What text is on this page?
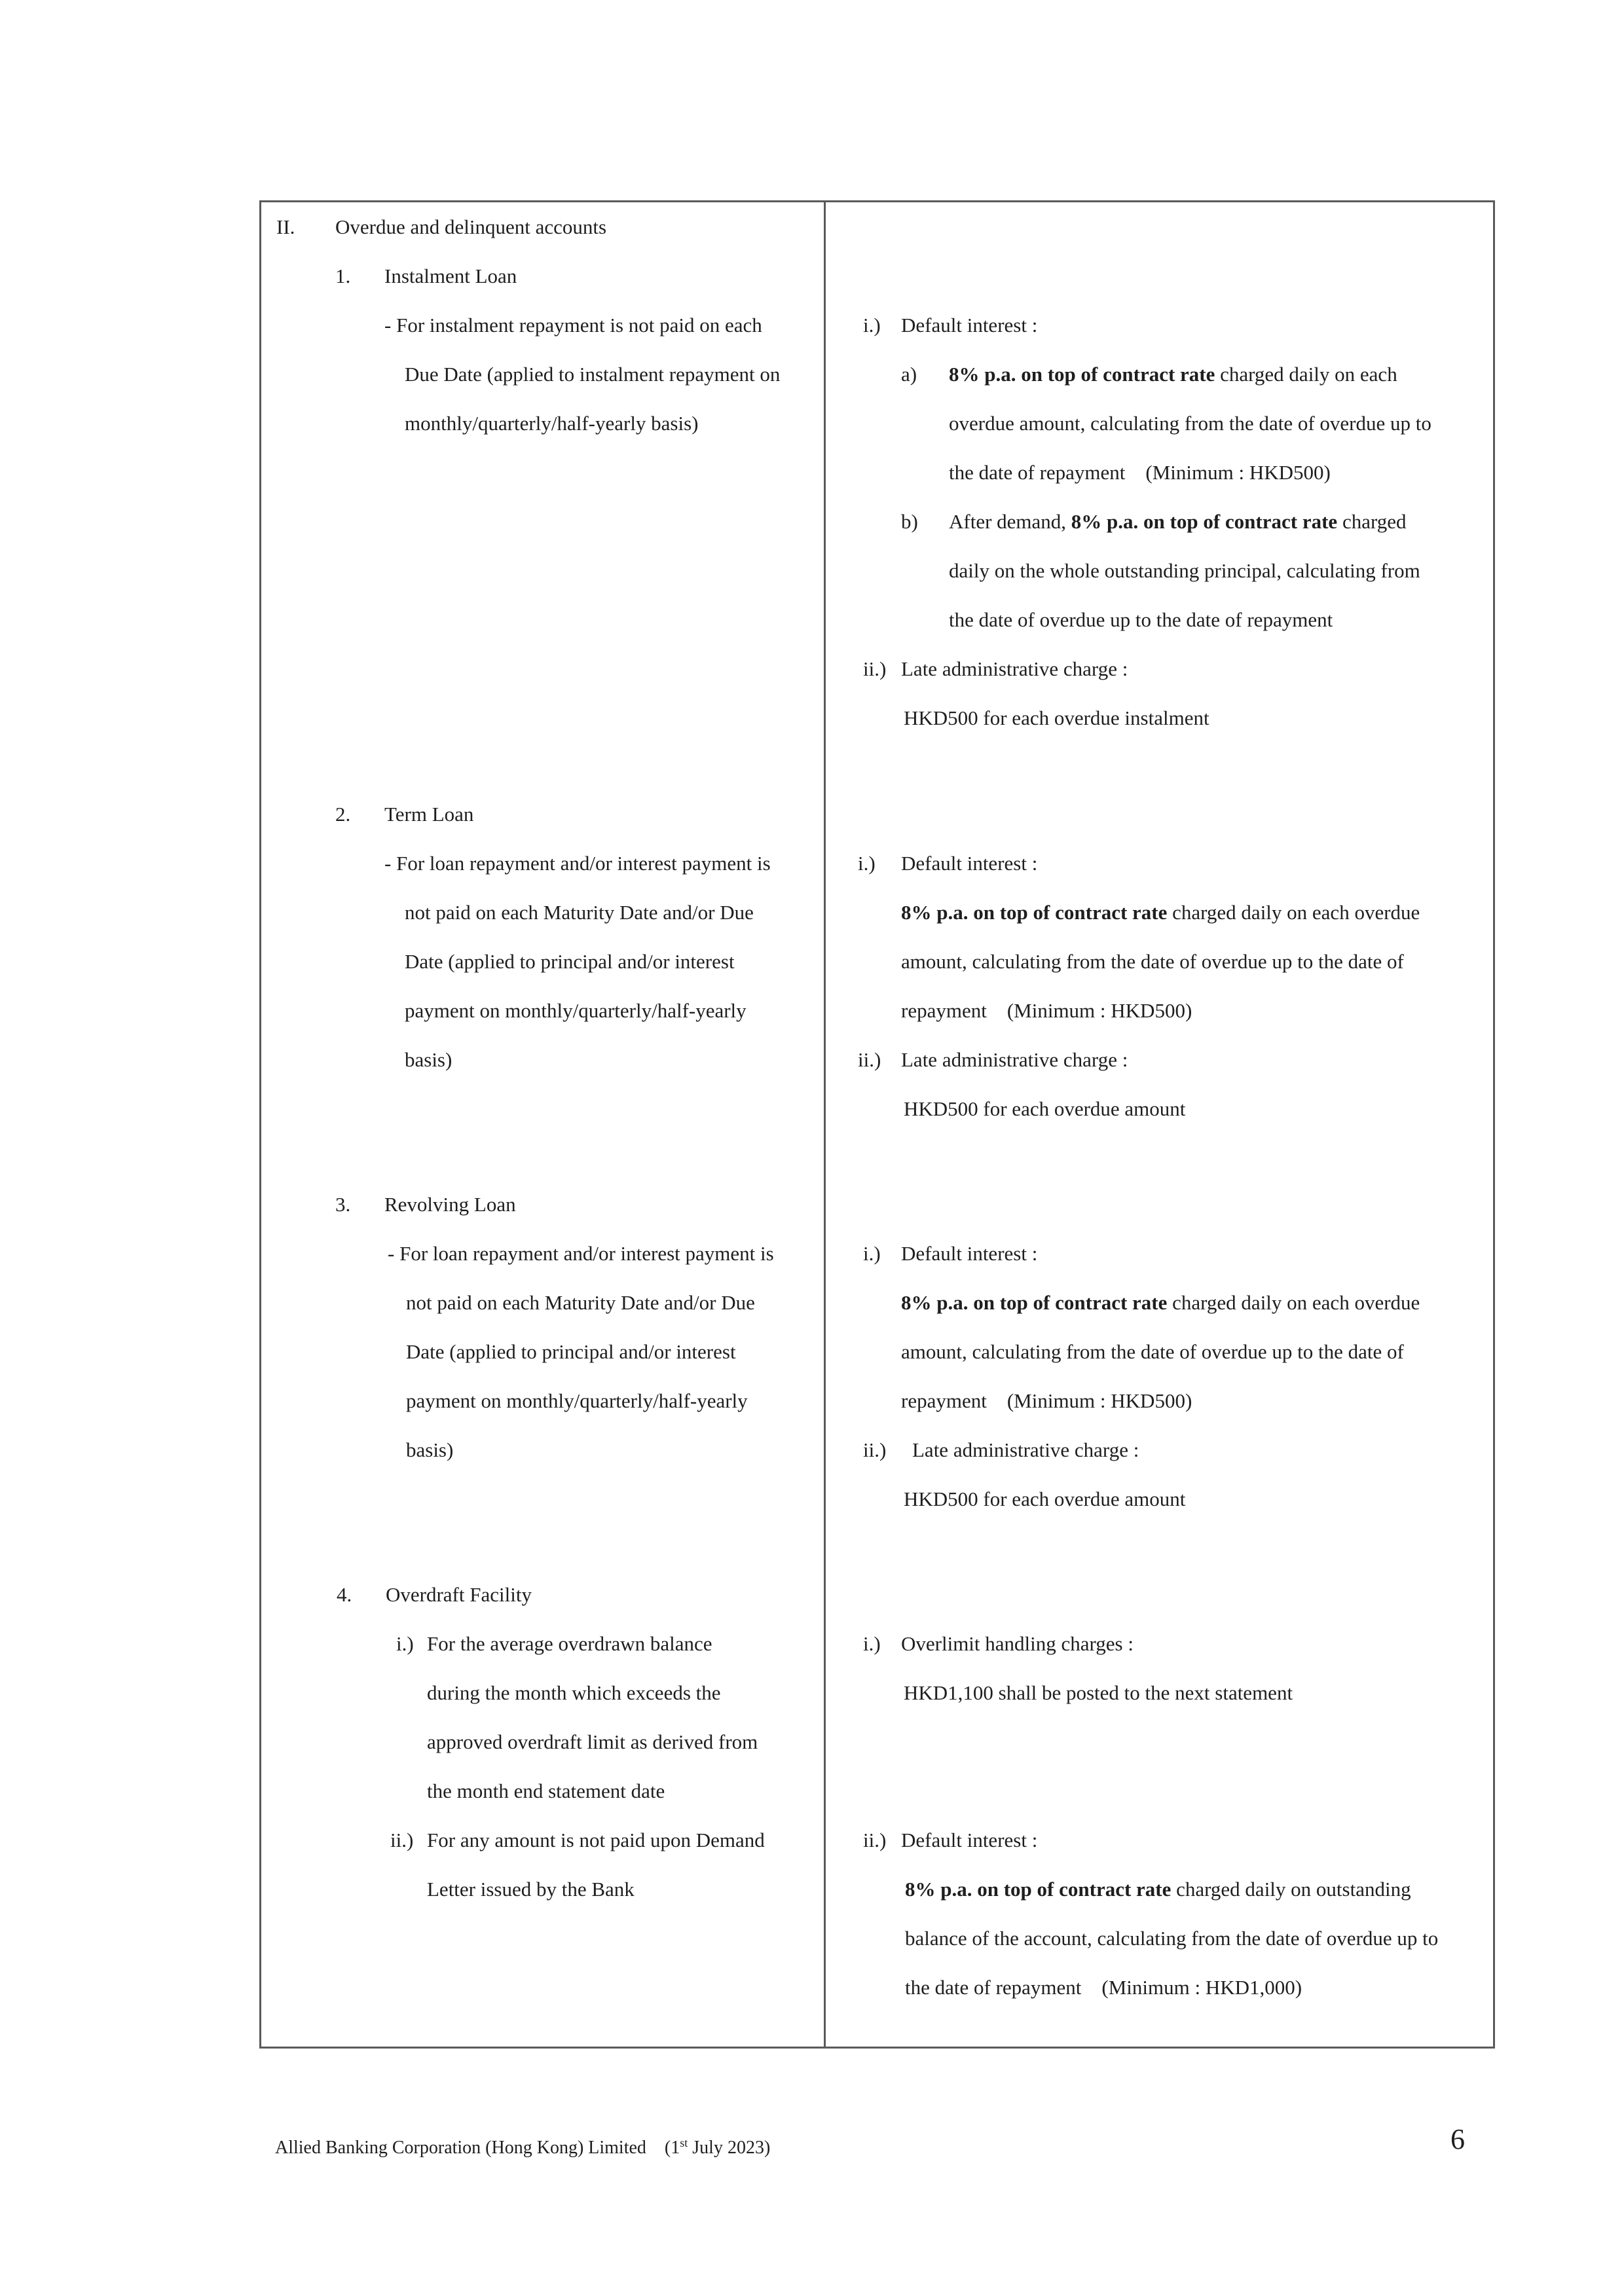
II. Overdue and delinquent accounts
1. Instalment Loan
- For instalment repayment is not paid on each
Due Date (applied to instalment repayment on
monthly/quarterly/half-yearly basis)
i.) Default interest :
a) 8% p.a. on top of contract rate charged daily on each
overdue amount, calculating from the date of overdue up to
the date of repayment    (Minimum : HKD500)
b) After demand, 8% p.a. on top of contract rate charged
daily on the whole outstanding principal, calculating from
the date of overdue up to the date of repayment
ii.) Late administrative charge :
HKD500 for each overdue instalment
2. Term Loan
- For loan repayment and/or interest payment is
not paid on each Maturity Date and/or Due
Date (applied to principal and/or interest
payment on monthly/quarterly/half-yearly
basis)
i.) Default interest :
8% p.a. on top of contract rate charged daily on each overdue
amount, calculating from the date of overdue up to the date of
repayment    (Minimum : HKD500)
ii.) Late administrative charge :
HKD500 for each overdue amount
3. Revolving Loan
- For loan repayment and/or interest payment is
not paid on each Maturity Date and/or Due
Date (applied to principal and/or interest
payment on monthly/quarterly/half-yearly
basis)
i.) Default interest :
8% p.a. on top of contract rate charged daily on each overdue
amount, calculating from the date of overdue up to the date of
repayment    (Minimum : HKD500)
ii.) Late administrative charge :
HKD500 for each overdue amount
4. Overdraft Facility
i.) For the average overdrawn balance
during the month which exceeds the
approved overdraft limit as derived from
the month end statement date
ii.) For any amount is not paid upon Demand
Letter issued by the Bank
i.) Overlimit handling charges :
HKD1,100 shall be posted to the next statement
ii.) Default interest :
8% p.a. on top of contract rate charged daily on outstanding
balance of the account, calculating from the date of overdue up to
the date of repayment    (Minimum : HKD1,000)
Allied Banking Corporation (Hong Kong) Limited (1st July 2023)	6
